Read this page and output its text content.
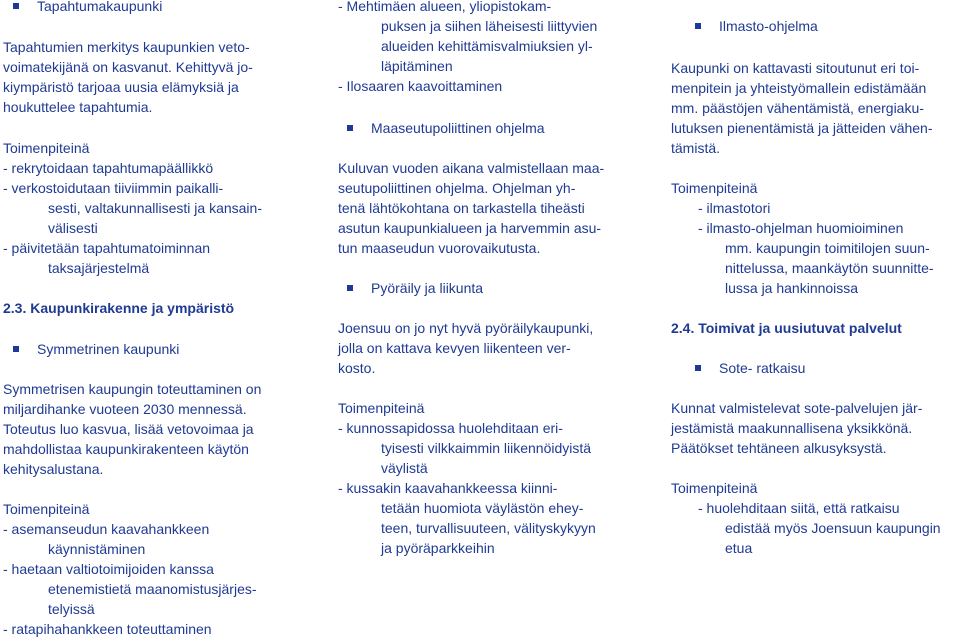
Tapahtumakaupunki
Tapahtumien merkitys kaupunkien veto-
voimatekijänä on kasvanut. Kehittyvä jo-
kiympäristö tarjoaa uusia elämyksiä ja
houkuttelee tapahtumia.
Toimenpiteinä
- rekrytoidaan tapahtumapäällikkö
- verkostoidutaan tiiviimmin paikalli-
sesti, valtakunnallisesti ja kansain-
välisesti
- päivitetään tapahtumatoiminnan
taksajärjestelmä
2.3. Kaupunkirakenne ja ympäristö
Symmetrinen kaupunki
Symmetrisen kaupungin toteuttaminen on
miljardihanke vuoteen 2030 mennessä.
Toteutus luo kasvua, lisää vetovoimaa ja
mahdollistaa kaupunkirakenteen käytön
kehitysalustana.
Toimenpiteinä
- asemanseudun kaavahankkeen
käynnistäminen
- haetaan valtiotoimijoiden kanssa
etenemistietä maanomistusjärjes-
telyissä
- ratapihahankkeen toteuttaminen
- Mehtimäen alueen, yliopistokam-
puksen ja siihen läheisesti liittyvien
alueiden kehittämisvalmiuksien yl-
läpitäminen
- Ilosaaren kaavoittaminen
Maaseutupoliittinen ohjelma
Kuluvan vuoden aikana valmistellaan maa-
seutupoliittinen ohjelma. Ohjelman yh-
tenä lähtökohtana on tarkastella tiheästi
asutun kaupunkialueen ja harvemmin asu-
tun maaseudun vuorovaikutusta.
Pyöräily ja liikunta
Joensuu on jo nyt hyvä pyöräilykaupunki,
jolla on kattava kevyen liikenteen ver-
kosto.
Toimenpiteinä
- kunnossapidossa huolehditaan eri-
tyisesti vilkkaimmin liikennöidyistä
väylistä
- kussakin kaavahankkeessa kiinni-
tetään huomiota väylästön ehey-
teen, turvallisuuteen, välityskykyyn
ja pyöräparkkeihin
Ilmasto-ohjelma
Kaupunki on kattavasti sitoutunut eri toi-
menpitein ja yhteistyömallein edistämään
mm. päästöjen vähentämistä, energiaku-
lutuksen pienentämistä ja jätteiden vähen-
tämistä.
Toimenpiteinä
- ilmastotori
- ilmasto-ohjelman huomioiminen
mm. kaupungin toimitilojen suun-
nittelussa, maankäytön suunnitte-
lussa ja hankinnoissa
2.4. Toimivat ja uusiutuvat palvelut
Sote- ratkaisu
Kunnat valmistelevat sote-palvelujen jär-
jestämistä maakunnallisena yksikkönä.
Päätökset tehtäneen alkusyksystä.
Toimenpiteinä
- huolehditaan siitä, että ratkaisu
edistää myös Joensuun kaupungin
etua
